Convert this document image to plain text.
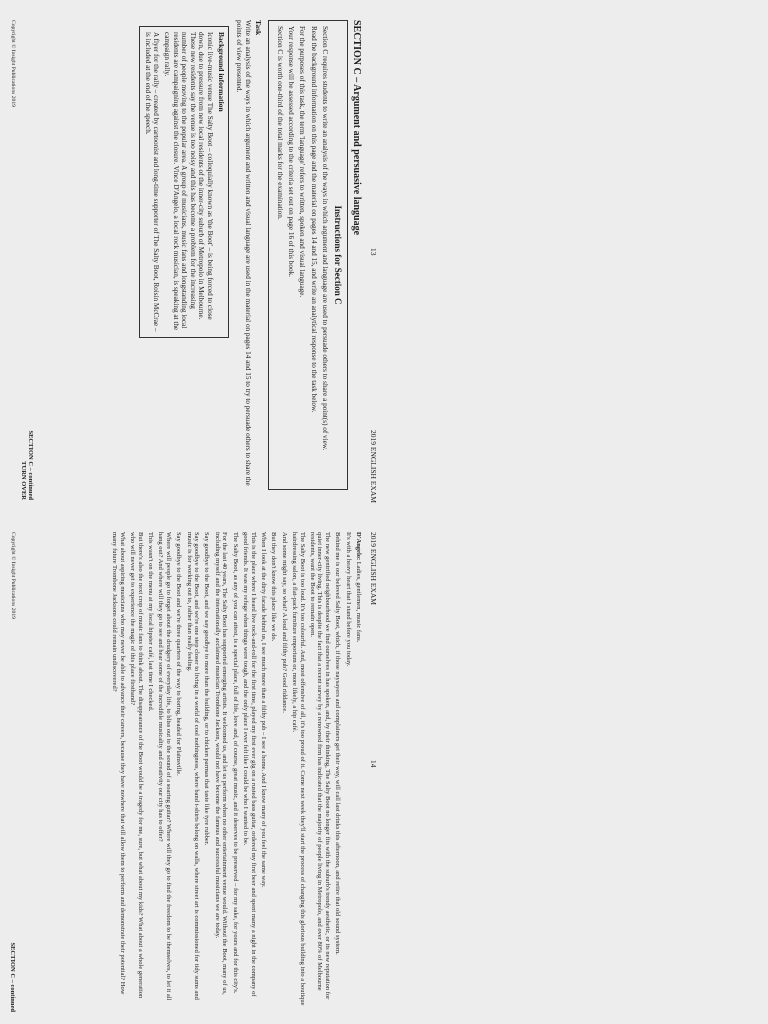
13
2019 ENGLISH EXAM
SECTION C – Argument and persuasive language
Instructions for Section C

Section C requires students to write an analysis of the ways in which argument and language are used to persuade others to share a point(s) of view.

Read the background information on this page and the material on pages 14 and 15, and write an analytical response to the task below.

For the purposes of this task, the term 'language' refers to written, spoken and visual language.

Your response will be assessed according to the criteria set out on page 16 of this book.

Section C is worth one-third of the total marks for the examination.

Task

Write an analysis of the ways in which argument and written and visual language are used in the material on pages 14 and 15 to try to persuade others to share the points of view presented.

Background information

Iconic live-music venue The Salty Boot – colloquially known as 'the Boot' – is being forced to close down, due to pressure from new local residents of the inner-city suburb of Metropolo in Melbourne. These new residents say the venue is too noisy and this has become a problem for the increasing number of people moving to the popular area. A group of musicians, music fans and longstanding local residents are campaigning against the closure. Vince D'Angelo, a local rock musician, is speaking at the campaign rally.

A flyer for the rally – created by cartoonist and long-time supporter of The Salty Boot, Roisin McCrae – is included at the end of the speech.

SECTION C – continued
TURN OVER
Copyright © Insight Publications 2019
2019 ENGLISH EXAM
14

D'Angelo: Ladies, gentlemen, music fans.

It's with a heavy heart that I stand before you today.

Behind me is our beloved Salty Boot, which, if those naysayers and complainers get their way, will call last drinks this afternoon, and retire that old sound system.

The new gentrified neighbourhood we find ourselves in has spoken, and, by their thinking, The Salty Boot no longer fits with the suburb's trendy aesthetic, or its new reputation for quiet inner-city living. This is despite the fact that a recent survey by a renowned firm has indicated that the majority of people living in Metropolo, and over 80% of Melbourne residents, want the Boot to remain open.

The Salty Boot is too loud. It's too colourful. And, most offensive of all, it's too proud of it. Come next week they'll start the process of changing this glorious building into a boutique hairdressing salon, a flat-pack furniture emporium or, more likely, a hip café.

And some might say, so what? A loud and filthy pub? Good riddance.

But they don't know this place like we do.

When I look at the dirty facade behind us, I see much more than a filthy pub – I see a home. And I know many of you feel the same way.

This is the place where I heard live rock-and-roll for the first time, played my first ever gig on a rusted bass guitar, ordered my first beer and spent many a night in the company of good friends. It was my refuge when things were tough, and the only place I ever felt like I could be who I wanted to be.

The Salty Boot, as any of you can attest, is a special place, full of life, love and, of course, great music, and it deserves to be preserved – for my sake, for yours and for this city's.

For the last 40 years, The Salty Boot has supported emerging artists. It welcomed us, and let us perform when no other entertainment venue would. Without the Boot, many of us, including myself and the internationally acclaimed musician Trombone Jackson, would not have become the famous and successful musicians we are today.

Say goodbye to the Boot, and we say goodbye to more than the building, or to chicken parmas that taste like tyre rubber.

Say goodbye to the Boot, and we're one step closer to living in a world of cool nothingness, where band t-shirts belong on walls, where street art is commissioned for tidy sums and music is for working out to, rather than really feeling.

Say goodbye to the Boot and we're three quarters of the way to boring, headed for Plainsville.

Where will people go to forget about the drudgery of everyday life, to bliss out to the sound of a soaring guitar? Where will they go to find the freedom to be themselves, to let it all hang out? And where will they go to see and hear some of the incredible musicality and creativity our city has to offer?

This wasn't on the menu at my local hipster café, last time I checked.

But there's also the next crop of music fans to think about. The disappearance of the Boot would be a tragedy for me, sure, but what about my kids? What about a whole generation who will never get to experience the magic of this place firsthand?

What about aspiring musicians who may never be able to advance their careers, because they have nowhere that will allow them to perform and demonstrate their potential? How many future Trombone Jacksons could remain undiscovered?

SECTION C – continued
Copyright © Insight Publications 2019
